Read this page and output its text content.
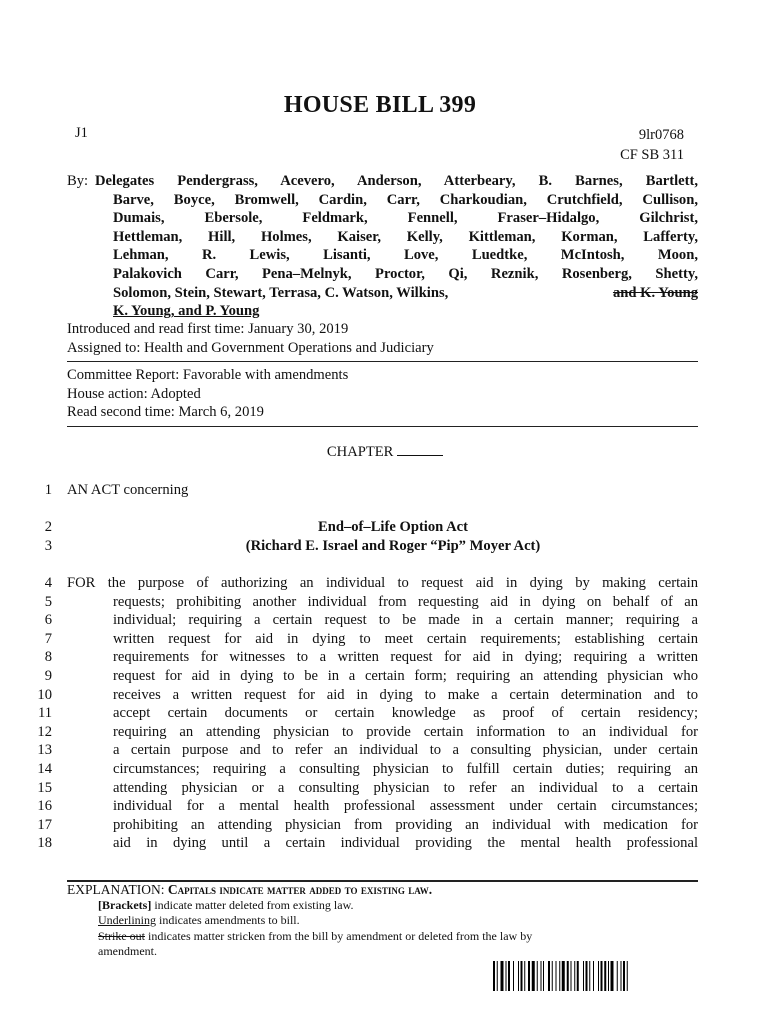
HOUSE BILL 399
J1	9lr0768
CF SB 311
By: Delegates Pendergrass, Acevero, Anderson, Atterbeary, B. Barnes, Bartlett,
Barve, Boyce, Bromwell, Cardin, Carr, Charkoudian, Crutchfield, Cullison,
Dumais, Ebersole, Feldmark, Fennell, Fraser–Hidalgo, Gilchrist,
Hettleman, Hill, Holmes, Kaiser, Kelly, Kittleman, Korman, Lafferty,
Lehman, R. Lewis, Lisanti, Love, Luedtke, McIntosh, Moon,
Palakovich Carr, Pena–Melnyk, Proctor, Qi, Reznik, Rosenberg, Shetty,
Solomon, Stein, Stewart, Terrasa, C. Watson, Wilkins,	and K. Young
K. Young, and P. Young
Introduced and read first time: January 30, 2019
Assigned to: Health and Government Operations and Judiciary
Committee Report: Favorable with amendments
House action: Adopted
Read second time: March 6, 2019
CHAPTER
1 AN ACT concerning
2
3
End–of–Life Option Act
(Richard E. Israel and Roger “Pip” Moyer Act)
4
5
6
7
8
9
10
11
12
13
14
15
16
17
18
FOR the purpose of authorizing an individual to request aid in dying by making certain
requests; prohibiting another individual from requesting aid in dying on behalf of an
individual; requiring a certain request to be made in a certain manner; requiring a
written request for aid in dying to meet certain requirements; establishing certain
requirements for witnesses to a written request for aid in dying; requiring a written
request for aid in dying to be in a certain form; requiring an attending physician who
receives a written request for aid in dying to make a certain determination and to
accept certain documents or certain knowledge as proof of certain residency;
requiring an attending physician to provide certain information to an individual for
a certain purpose and to refer an individual to a consulting physician, under certain
circumstances; requiring a consulting physician to fulfill certain duties; requiring an
attending physician or a consulting physician to refer an individual to a certain
individual for a mental health professional assessment under certain circumstances;
prohibiting an attending physician from providing an individual with medication for
aid in dying until a certain individual providing the mental health professional
EXPLANATION: Capitals indicate matter added to existing law.
[Brackets] indicate matter deleted from existing law.
Underlining indicates amendments to bill.
Strike out indicates matter stricken from the bill by amendment or deleted from the law by
amendment.
